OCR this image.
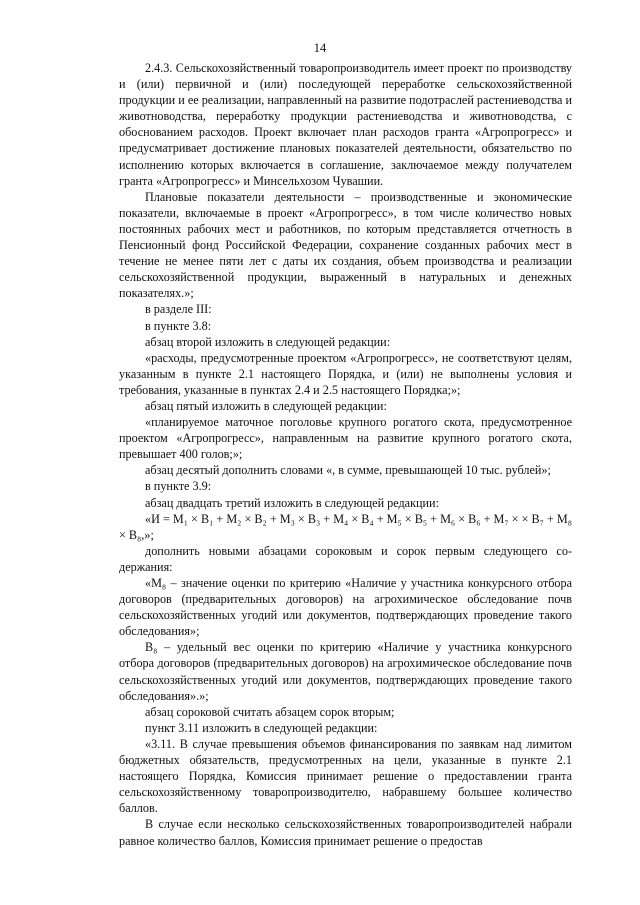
14

2.4.3. Сельскохозяйственный товаропроизводитель имеет проект по производству и (или) первичной и (или) последующей переработке сельскохозяйственной продукции и ее реализации, направленный на развитие подотраслей растениеводства и животноводства, переработку продукции растениеводства и животноводства, с обоснованием расходов. Проект включает план расходов гранта «Агропрогресс» и предусматривает достижение плановых показателей деятельности, обязательство по исполнению которых включается в соглашение, заключаемое между получателем гранта «Агропрогресс» и Минсельхозом Чувашии.

Плановые показатели деятельности – производственные и экономические показатели, включаемые в проект «Агропрогресс», в том числе количество новых постоянных рабочих мест и работников, по которым представляется отчетность в Пенсионный фонд Российской Федерации, сохранение созданных рабочих мест в течение не менее пяти лет с даты их создания, объем производства и реализации сельскохозяйственной продукции, выраженный в натуральных и денежных показателях.»;

в разделе III:

в пункте 3.8:

абзац второй изложить в следующей редакции:

«расходы, предусмотренные проектом «Агропрогресс», не соответствуют целям, указанным в пункте 2.1 настоящего Порядка, и (или) не выполнены условия и требования, указанные в пунктах 2.4 и 2.5 настоящего Порядка;»;

абзац пятый изложить в следующей редакции:

«планируемое маточное поголовье крупного рогатого скота, предусмотренное проектом «Агропрогресс», направленным на развитие крупного рогатого скота, превышает 400 голов;»;

абзац десятый дополнить словами «, в сумме, превышающей 10 тыс. рублей»;

в пункте 3.9:

абзац двадцать третий изложить в следующей редакции:

«И = М₁ × В₁ + М₂ × В₂ + М₃ × В₃ + М₄ × В₄ + М₅ × В₅ + М₆ × В₆ + М₇ × × В₇ + М₈ × В₈,»;

дополнить новыми абзацами сороковым и сорок первым следующего содержания:

«М₈ – значение оценки по критерию «Наличие у участника конкурсного отбора договоров (предварительных договоров) на агрохимическое обследование почв сельскохозяйственных угодий или документов, подтверждающих проведение такого обследования»;

В₈ – удельный вес оценки по критерию «Наличие у участника конкурсного отбора договоров (предварительных договоров) на агрохимическое обследование почв сельскохозяйственных угодий или документов, подтверждающих проведение такого обследования».»;

абзац сороковой считать абзацем сорок вторым;

пункт 3.11 изложить в следующей редакции:

«3.11. В случае превышения объемов финансирования по заявкам над лимитом бюджетных обязательств, предусмотренных на цели, указанные в пункте 2.1 настоящего Порядка, Комиссия принимает решение о предоставлении гранта сельскохозяйственному товаропроизводителю, набравшему большее количество баллов.

В случае если несколько сельскохозяйственных товаропроизводителей набрали равное количество баллов, Комиссия принимает решение о предостав
